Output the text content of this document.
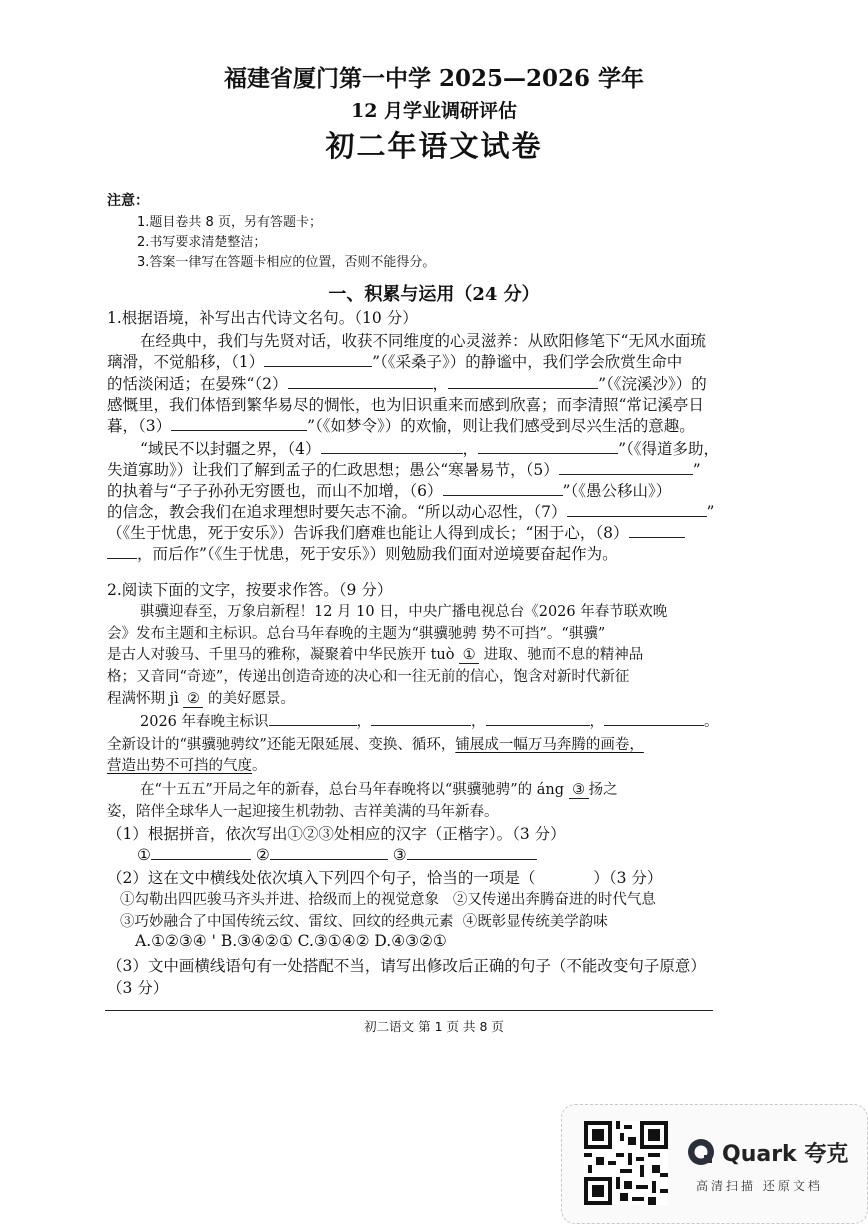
福建省厦门第一中学 2025—2026 学年
12 月学业调研评估
初二年语文试卷
注意：
1.题目卷共 8 页，另有答题卡；
2.书写要求清楚整洁；
3.答案一律写在答题卡相应的位置，否则不能得分。
一、积累与运用（24 分）
1.根据语境，补写出古代诗文名句。（10 分）
在经典中，我们与先贤对话，收获不同维度的心灵滋养：从欧阳修笔下“无风水面琉
璃滑，不觉船移，（1）	”（《采桑子》）的静谧中，我们学会欣赏生命中
的恬淡闲适；在晏殊“（2）	，	”（《浣溪沙》）的
感慨里，我们体悟到繁华易尽的惆怅，也为旧识重来而感到欣喜；而李清照“常记溪亭日
暮，（3）	”（《如梦令》）的欢愉，则让我们感受到尽兴生活的意趣。
“域民不以封疆之界，（4）	，	”（《得道多助，
失道寡助》）让我们了解到孟子的仁政思想；愚公“寒暑易节，（5）	”
的执着与“子子孙孙无穷匮也，而山不加增，（6）	”（《愚公移山》）
的信念，教会我们在追求理想时要矢志不渝。“所以动心忍性，（7）	”
（《生于忧患，死于安乐》）告诉我们磨难也能让人得到成长；“困于心，（8）
，而后作”（《生于忧患，死于安乐》）则勉励我们面对逆境要奋起作为。
2.阅读下面的文字，按要求作答。（9 分）
骐骥迎春至，万象启新程！12 月 10 日，中央广播电视总台《2026 年春节联欢晚
会》发布主题和主标识。总台马年春晚的主题为“骐骥驰骋 势不可挡”。“骐骥”
是古人对骏马、千里马的雅称，凝聚着中华民族开 tuò ① 进取、驰而不息的精神品
格；又音同“奇迹”，传递出创造奇迹的决心和一往无前的信心，饱含对新时代新征
程满怀期 jì ② 的美好愿景。
2026 年春晚主标识	，	，	，	。
全新设计的“骐骥驰骋纹”还能无限延展、变换、循环，铺展成一幅万马奔腾的画卷，
营造出势不可挡的气度。
在“十五五”开局之年的新春，总台马年春晚将以“骐骥驰骋”的 áng ③ 扬之
姿，陪伴全球华人一起迎接生机勃勃、吉祥美满的马年新春。
（1）根据拼音，依次写出①②③处相应的汉字（正楷字）。（3 分）
①	②	③
（2）这在文中横线处依次填入下列四个句子，恰当的一项是（	）（3 分）
①勾勒出四匹骏马齐头并进、拾级而上的视觉意象 ②又传递出奔腾奋进的时代气息
③巧妙融合了中国传统云纹、雷纹、回纹的经典元素 ④既彰显传统美学韵味
A.①②③④ ' B.③④②① C.③①④② D.④③②①
（3）文中画横线语句有一处搭配不当，请写出修改后正确的句子（不能改变句子原意）
（3 分）
初二语文 第 1 页 共 8 页
Quark 夸克
高清扫描 还原文档
